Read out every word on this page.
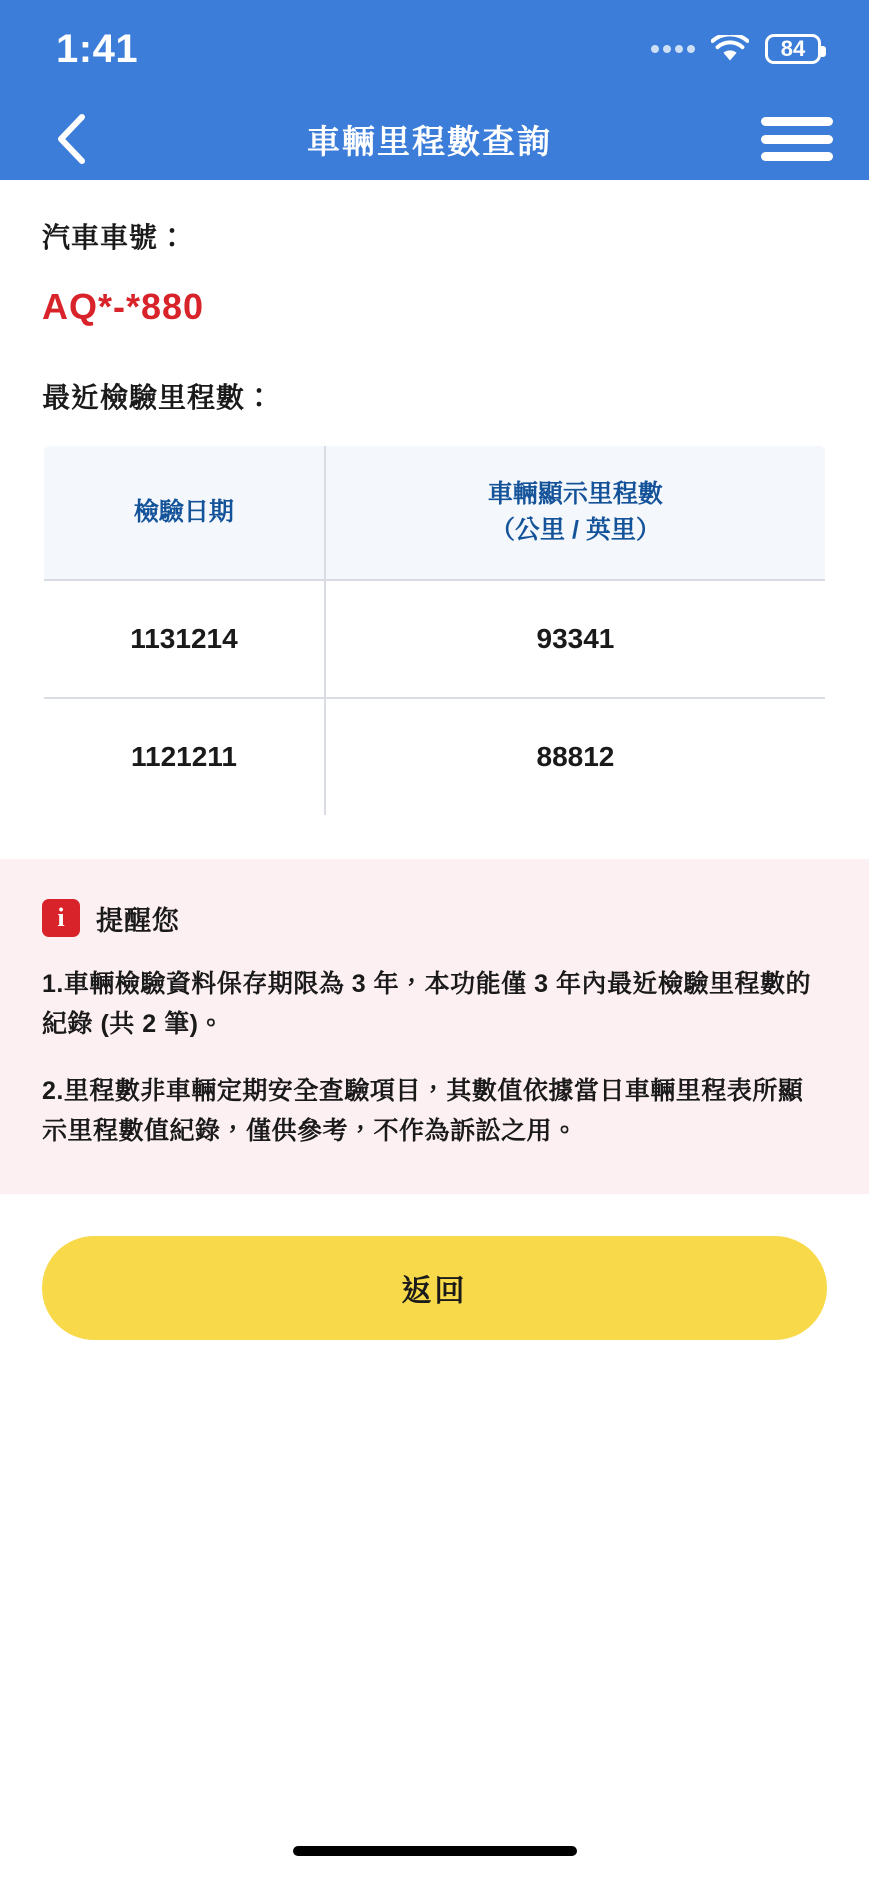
1:41	84
車輛里程數查詢
汽車車號：
AQ*-*880
最近檢驗里程數：
檢驗日期	車輛顯示里程數
（公里 / 英里）

1131214	93341
1121211	88812
i	提醒您
1.車輛檢驗資料保存期限為 3 年，本功能僅 3 年內最近檢驗里程數的紀錄 (共 2 筆)。
2.里程數非車輛定期安全查驗項目，其數值依據當日車輛里程表所顯示里程數值紀錄，僅供參考，不作為訴訟之用。
返回
